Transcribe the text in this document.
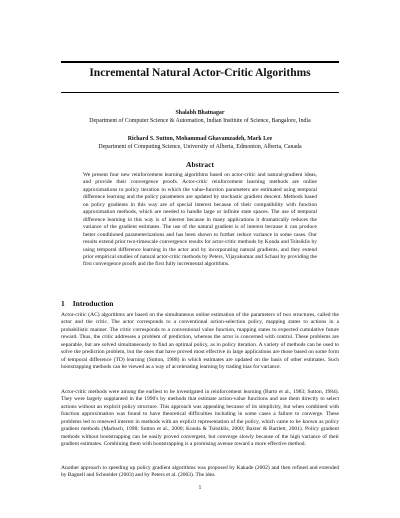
Incremental Natural Actor-Critic Algorithms
Shalabh Bhatnagar
Department of Computer Science & Automation, Indian Institute of Science, Bangalore, India
Richard S. Sutton, Mohammad Ghavamzadeh, Mark Lee
Department of Computing Science, University of Alberta, Edmonton, Alberta, Canada
Abstract
We present four new reinforcement learning algorithms based on actor-critic and natural-gradient ideas, and provide their convergence proofs. Actor-critic reinforcement learning methods are online approximations to policy iteration in which the value-function parameters are estimated using temporal difference learning and the policy parameters are updated by stochastic gradient descent. Methods based on policy gradients in this way are of special interest because of their compatibility with function approximation methods, which are needed to handle large or infinite state spaces. The use of temporal difference learning in this way is of interest because in many applications it dramatically reduces the variance of the gradient estimates. The use of the natural gradient is of interest because it can produce better conditioned parameterizations and has been shown to further reduce variance in some cases. Our results extend prior two-timescale convergence results for actor-critic methods by Konda and Tsitsiklis by using temporal difference learning in the actor and by incorporating natural gradients, and they extend prior empirical studies of natural actor-critic methods by Peters, Vijayakumar and Schaal by providing the first convergence proofs and the first fully incremental algorithms.
1 Introduction
Actor-critic (AC) algorithms are based on the simultaneous online estimation of the parameters of two structures, called the actor and the critic. The actor corresponds to a conventional action-selection policy, mapping states to actions in a probabilistic manner. The critic corresponds to a conventional value function, mapping states to expected cumulative future reward. Thus, the critic addresses a problem of prediction, whereas the actor is concerned with control. These problems are separable, but are solved simultaneously to find an optimal policy, as in policy iteration. A variety of methods can be used to solve the prediction problem, but the ones that have proved most effective in large applications are those based on some form of temporal difference (TD) learning (Sutton, 1988) in which estimates are updated on the basis of other estimates. Such bootstrapping methods can be viewed as a way of accelerating learning by trading bias for variance.
Actor-critic methods were among the earliest to be investigated in reinforcement learning (Barto et al., 1983; Sutton, 1984). They were largely supplanted in the 1990's by methods that estimate action-value functions and use them directly to select actions without an explicit policy structure. This approach was appealing because of its simplicity, but when combined with function approximation was found to have theoretical difficulties including in some cases a failure to converge. These problems led to renewed interest in methods with an explicit representation of the policy, which came to be known as policy gradient methods (Marbach, 1998; Sutton et al., 2000; Konda & Tsitsiklis, 2000; Baxter & Bartlett, 2001). Policy gradient methods without bootstrapping can be easily proved convergent, but converge slowly because of the high variance of their gradient estimates. Combining them with bootstrapping is a promising avenue toward a more effective method.
Another approach to speeding up policy gradient algorithms was proposed by Kakade (2002) and then refined and extended by Bagnell and Schneider (2003) and by Peters et al. (2003). The idea
1
